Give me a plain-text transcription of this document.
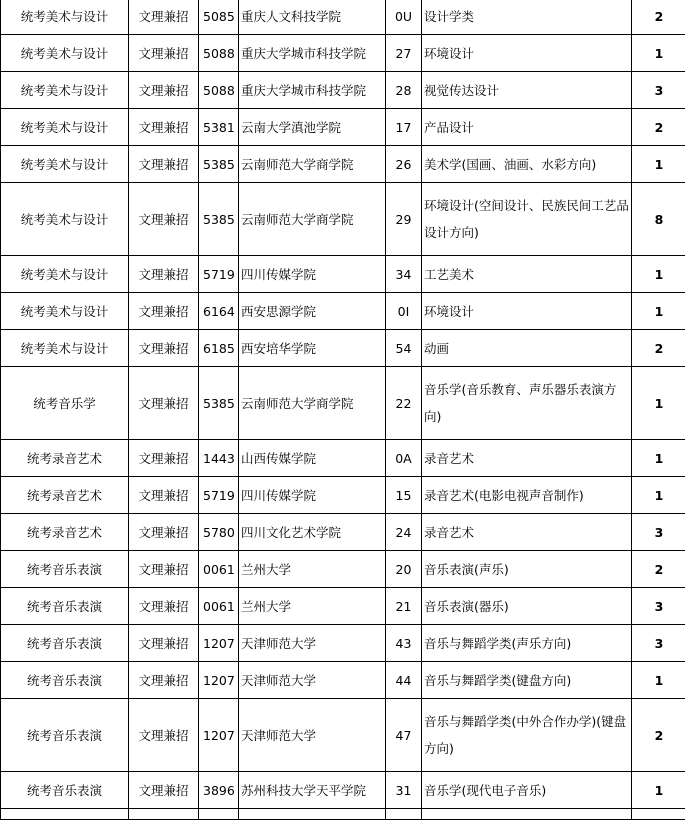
统考美术与设计	文理兼招	5085	重庆人文科技学院	0U	设计学类	2
统考美术与设计	文理兼招	5088	重庆大学城市科技学院	27	环境设计	1
统考美术与设计	文理兼招	5088	重庆大学城市科技学院	28	视觉传达设计	3
统考美术与设计	文理兼招	5381	云南大学滇池学院	17	产品设计	2
统考美术与设计	文理兼招	5385	云南师范大学商学院	26	美术学(国画、油画、水彩方向)	1
统考美术与设计	文理兼招	5385	云南师范大学商学院	29	环境设计(空间设计、民族民间工艺品设计方向)	8
统考美术与设计	文理兼招	5719	四川传媒学院	34	工艺美术	1
统考美术与设计	文理兼招	6164	西安思源学院	0I	环境设计	1
统考美术与设计	文理兼招	6185	西安培华学院	54	动画	2
统考音乐学	文理兼招	5385	云南师范大学商学院	22	音乐学(音乐教育、声乐器乐表演方向)	1
统考录音艺术	文理兼招	1443	山西传媒学院	0A	录音艺术	1
统考录音艺术	文理兼招	5719	四川传媒学院	15	录音艺术(电影电视声音制作)	1
统考录音艺术	文理兼招	5780	四川文化艺术学院	24	录音艺术	3
统考音乐表演	文理兼招	0061	兰州大学	20	音乐表演(声乐)	2
统考音乐表演	文理兼招	0061	兰州大学	21	音乐表演(器乐)	3
统考音乐表演	文理兼招	1207	天津师范大学	43	音乐与舞蹈学类(声乐方向)	3
统考音乐表演	文理兼招	1207	天津师范大学	44	音乐与舞蹈学类(键盘方向)	1
统考音乐表演	文理兼招	1207	天津师范大学	47	音乐与舞蹈学类(中外合作办学)(键盘方向)	2
统考音乐表演	文理兼招	3896	苏州科技大学天平学院	31	音乐学(现代电子音乐)	1
